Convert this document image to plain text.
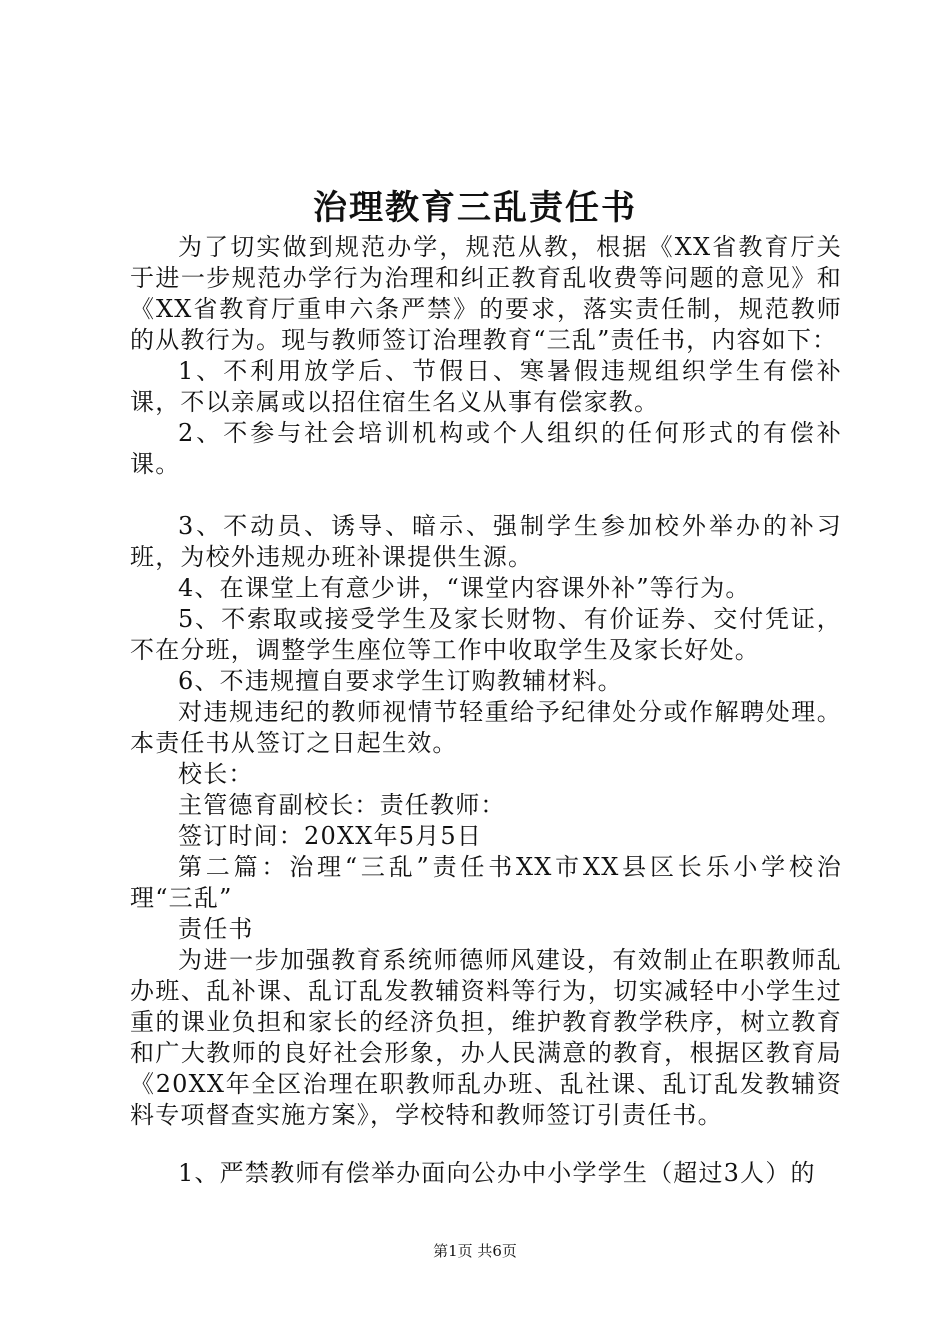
治理教育三乱责任书

为了切实做到规范办学，规范从教，根据《XX省教育厅关于进一步规范办学行为治理和纠正教育乱收费等问题的意见》和《XX省教育厅重申六条严禁》的要求，落实责任制，规范教师的从教行为。现与教师签订治理教育“三乱”责任书，内容如下：

1、不利用放学后、节假日、寒暑假违规组织学生有偿补课，不以亲属或以招住宿生名义从事有偿家教。

2、不参与社会培训机构或个人组织的任何形式的有偿补课。

3、不动员、诱导、暗示、强制学生参加校外举办的补习班，为校外违规办班补课提供生源。

4、在课堂上有意少讲，“课堂内容课外补”等行为。

5、不索取或接受学生及家长财物、有价证券、交付凭证，不在分班，调整学生座位等工作中收取学生及家长好处。

6、不违规擅自要求学生订购教辅材料。

对违规违纪的教师视情节轻重给予纪律处分或作解聘处理。本责任书从签订之日起生效。

校长：

主管德育副校长：责任教师：

签订时间：20XX年5月5日

第二篇：治理“三乱”责任书XX市XX县区长乐小学校治理“三乱”

责任书

为进一步加强教育系统师德师风建设，有效制止在职教师乱办班、乱补课、乱订乱发教辅资料等行为，切实减轻中小学生过重的课业负担和家长的经济负担，维护教育教学秩序，树立教育和广大教师的良好社会形象，办人民满意的教育，根据区教育局《20XX年全区治理在职教师乱办班、乱社课、乱订乱发教辅资料专项督查实施方案》，学校特和教师签订引责任书。

1、严禁教师有偿举办面向公办中小学学生（超过3人）的

第1页 共6页
